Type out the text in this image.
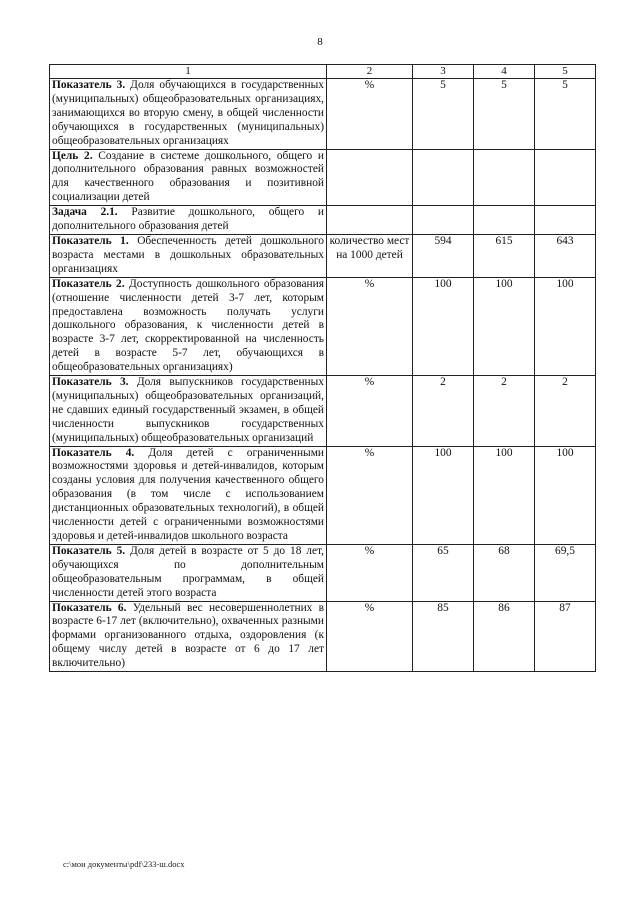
8
1	2	3	4	5
Показатель 3. Доля обучающихся в государственных (муниципальных) общеобразовательных организациях, занимающихся во вторую смену, в общей численности обучающихся в государственных (муниципальных) общеобразовательных организациях	%	5	5	5
Цель 2. Создание в системе дошкольного, общего и дополнительного образования равных возможностей для качественного образования и позитивной социализации детей				
Задача 2.1. Развитие дошкольного, общего и дополнительного образования детей				
Показатель 1. Обеспеченность детей дошкольного возраста местами в дошкольных образовательных организациях	количество мест на 1000 детей	594	615	643
Показатель 2. Доступность дошкольного образования (отношение численности детей 3-7 лет, которым предоставлена возможность получать услуги дошкольного образования, к численности детей в возрасте 3-7 лет, скорректированной на численность детей в возрасте 5-7 лет, обучающихся в общеобразовательных организациях)	%	100	100	100
Показатель 3. Доля выпускников государственных (муниципальных) общеобразовательных организаций, не сдавших единый государственный экзамен, в общей численности выпускников государственных (муниципальных) общеобразовательных организаций	%	2	2	2
Показатель 4. Доля детей с ограниченными возможностями здоровья и детей-инвалидов, которым созданы условия для получения качественного общего образования (в том числе с использованием дистанционных образовательных технологий), в общей численности детей с ограниченными возможностями здоровья и детей-инвалидов школьного возраста	%	100	100	100
Показатель 5. Доля детей в возрасте от 5 до 18 лет, обучающихся по дополнительным общеобразовательным программам, в общей численности детей этого возраста	%	65	68	69,5
Показатель 6. Удельный вес несовершеннолетних в возрасте 6-17 лет (включительно), охваченных разными формами организованного отдыха, оздоровления (к общему числу детей в возрасте от 6 до 17 лет включительно)	%	85	86	87
c:\мои документы\pdf\233-ш.docx
